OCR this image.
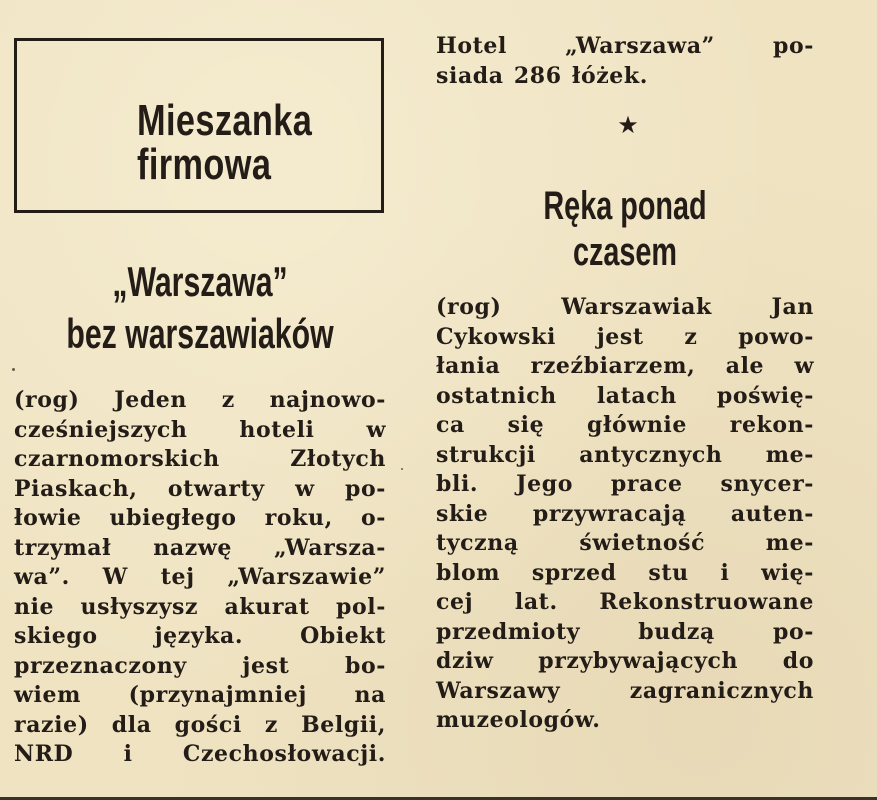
Mieszanka
firmowa
„Warszawa”
bez warszawiaków
(rog) Jeden z najnowo-
cześniejszych hoteli w
czarnomorskich Złotych
Piaskach, otwarty w po-
łowie ubiegłego roku, o-
trzymał nazwę „Warsza-
wa”. W tej „Warszawie”
nie usłyszysz akurat pol-
skiego języka. Obiekt
przeznaczony jest bo-
wiem (przynajmniej na
razie) dla gości z Belgii,
NRD i Czechosłowacji.
Hotel „Warszawa” po-
siada 286 łóżek.
★
Ręka ponad czasem
(rog) Warszawiak Jan
Cykowski jest z powo-
łania rzeźbiarzem, ale w
ostatnich latach poświę-
ca się głównie rekon-
strukcji antycznych me-
bli. Jego prace snycer-
skie przywracają auten-
tyczną świetność me-
blom sprzed stu i wię-
cej lat. Rekonstruowane
przedmioty budzą po-
dziw przybywających do
Warszawy zagranicznych
muzeologów.
